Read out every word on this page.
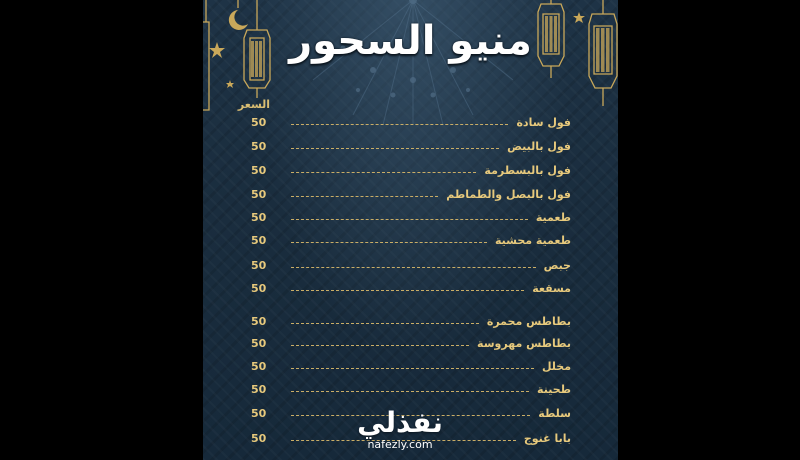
منيو السحور
السعر
50	فول سادة
50	فول بالبيض
50	فول بالبسطرمة
50	فول بالبصل والطماطم
50	طعمية
50	طعمية محشية
50	جبص
50	مسقعة
50	بطاطس محمرة
50	بطاطس مهروسة
50	مخلل
50	طحينة
50	سلطة
50	بابا غنوج
نفذلي
nafezly.com
